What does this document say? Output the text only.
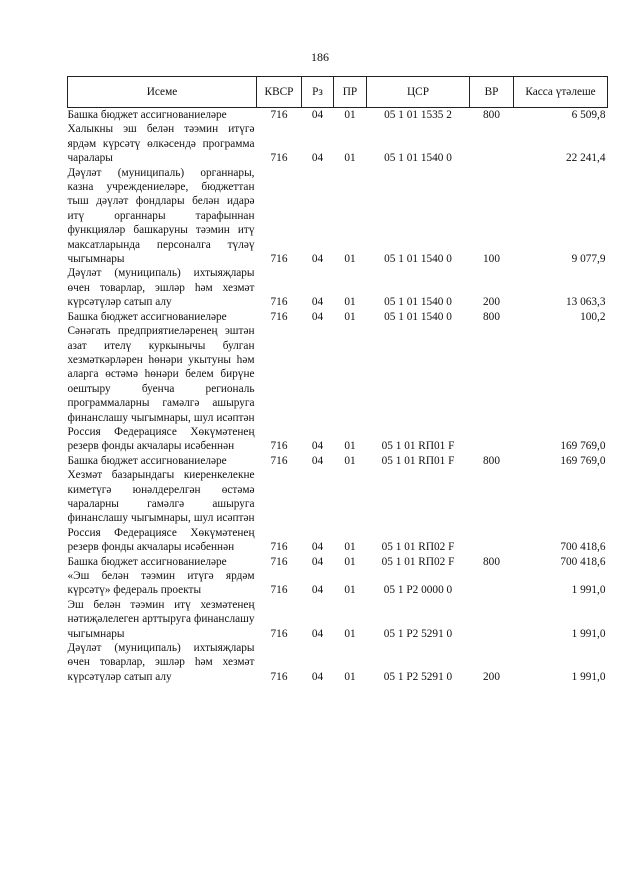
186
Исеме	КВСР	Рз	ПР	ЦСР	ВР	Касса үтәлеше
Башка бюджет ассигнованиеләре	716	04	01	05 1 01 1535 2	800	6 509,8
Халыкны эш белән тәэмин итүгә ярдәм күрсәтү өлкәсендә программа чаралары	716	04	01	05 1 01 1540 0		22 241,4
Дәүләт (муниципаль) органнары, казна учреждениеләре, бюджеттан тыш дәүләт фондлары белән идарә итү органнары тарафыннан функцияләр башкаруны тәэмин итү максатларында персоналга түләү чыгымнары	716	04	01	05 1 01 1540 0	100	9 077,9
Дәүләт (муниципаль) ихтыяҗлары өчен товарлар, эшләр һәм хезмәт күрсәтүләр сатып алу	716	04	01	05 1 01 1540 0	200	13 063,3
Башка бюджет ассигнованиеләре	716	04	01	05 1 01 1540 0	800	100,2
Сәнәгать предприятиеләренең эштән азат ителү куркынычы булган хезмәткәрләрен һөнәри укытуны һәм аларга өстәмә һөнәри белем бирүне оештыру буенча региональ программаларны гамәлгә ашыруга финанслашу чыгымнары, шул исәптән Россия Федерациясе Хөкүмәтенең резерв фонды акчалары исәбеннән	716	04	01	05 1 01 RП01 F		169 769,0
Башка бюджет ассигнованиеләре	716	04	01	05 1 01 RП01 F	800	169 769,0
Хезмәт базарындагы киеренкелекне киметүгә юнәлдерелгән өстәмә чараларны гамәлгә ашыруга финанслашу чыгымнары, шул исәптән Россия Федерациясе Хөкүмәтенең резерв фонды акчалары исәбеннән	716	04	01	05 1 01 RП02 F		700 418,6
Башка бюджет ассигнованиеләре	716	04	01	05 1 01 RП02 F	800	700 418,6
«Эш белән тәэмин итүгә ярдәм күрсәтү» федераль проекты	716	04	01	05 1 P2 0000 0		1 991,0
Эш белән тәэмин итү хезмәтенең нәтиҗәлелеген арттыруга финанслашу чыгымнары	716	04	01	05 1 P2 5291 0		1 991,0
Дәүләт (муниципаль) ихтыяҗлары өчен товарлар, эшләр һәм хезмәт күрсәтүләр сатып алу	716	04	01	05 1 P2 5291 0	200	1 991,0
